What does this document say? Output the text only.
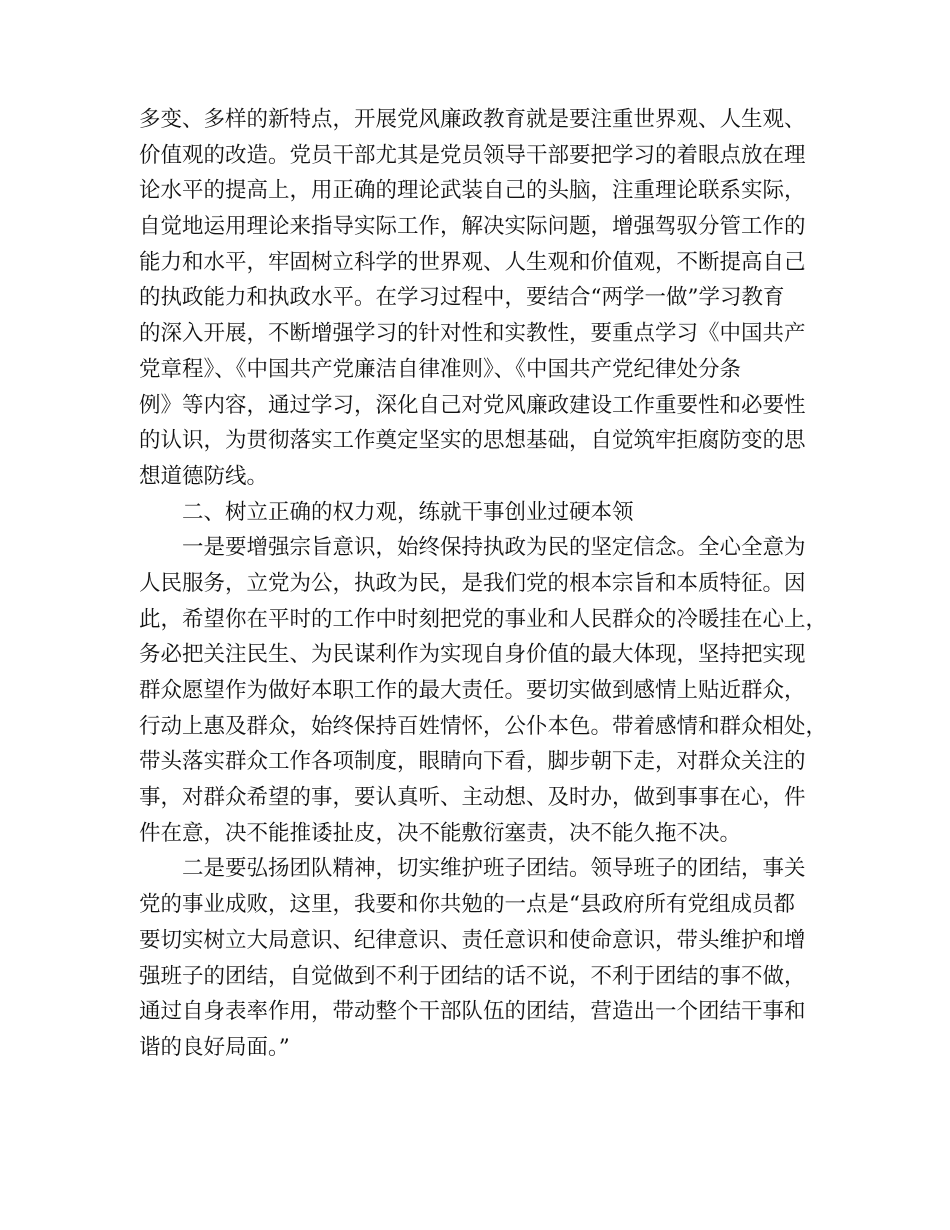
多变、多样的新特点，开展党风廉政教育就是要注重世界观、人生观、

价值观的改造。党员干部尤其是党员领导干部要把学习的着眼点放在理

论水平的提高上，用正确的理论武装自己的头脑，注重理论联系实际，

自觉地运用理论来指导实际工作，解决实际问题，增强驾驭分管工作的

能力和水平，牢固树立科学的世界观、人生观和价值观，不断提高自己

的执政能力和执政水平。在学习过程中，要结合“两学一做”学习教育

的深入开展，不断增强学习的针对性和实教性，要重点学习《中国共产

党章程》、《中国共产党廉洁自律准则》、《中国共产党纪律处分条

例》等内容，通过学习，深化自己对党风廉政建设工作重要性和必要性

的认识，为贯彻落实工作奠定坚实的思想基础，自觉筑牢拒腐防变的思

想道德防线。

二、树立正确的权力观，练就干事创业过硬本领

一是要增强宗旨意识，始终保持执政为民的坚定信念。全心全意为

人民服务，立党为公，执政为民，是我们党的根本宗旨和本质特征。因

此，希望你在平时的工作中时刻把党的事业和人民群众的冷暖挂在心上，

务必把关注民生、为民谋利作为实现自身价值的最大体现，坚持把实现

群众愿望作为做好本职工作的最大责任。要切实做到感情上贴近群众，

行动上惠及群众，始终保持百姓情怀，公仆本色。带着感情和群众相处，

带头落实群众工作各项制度，眼睛向下看，脚步朝下走，对群众关注的

事，对群众希望的事，要认真听、主动想、及时办，做到事事在心，件

件在意，决不能推诿扯皮，决不能敷衍塞责，决不能久拖不决。

二是要弘扬团队精神，切实维护班子团结。领导班子的团结，事关

党的事业成败，这里，我要和你共勉的一点是“县政府所有党组成员都

要切实树立大局意识、纪律意识、责任意识和使命意识，带头维护和增

强班子的团结，自觉做到不利于团结的话不说，不利于团结的事不做，

通过自身表率作用，带动整个干部队伍的团结，营造出一个团结干事和

谐的良好局面。”
